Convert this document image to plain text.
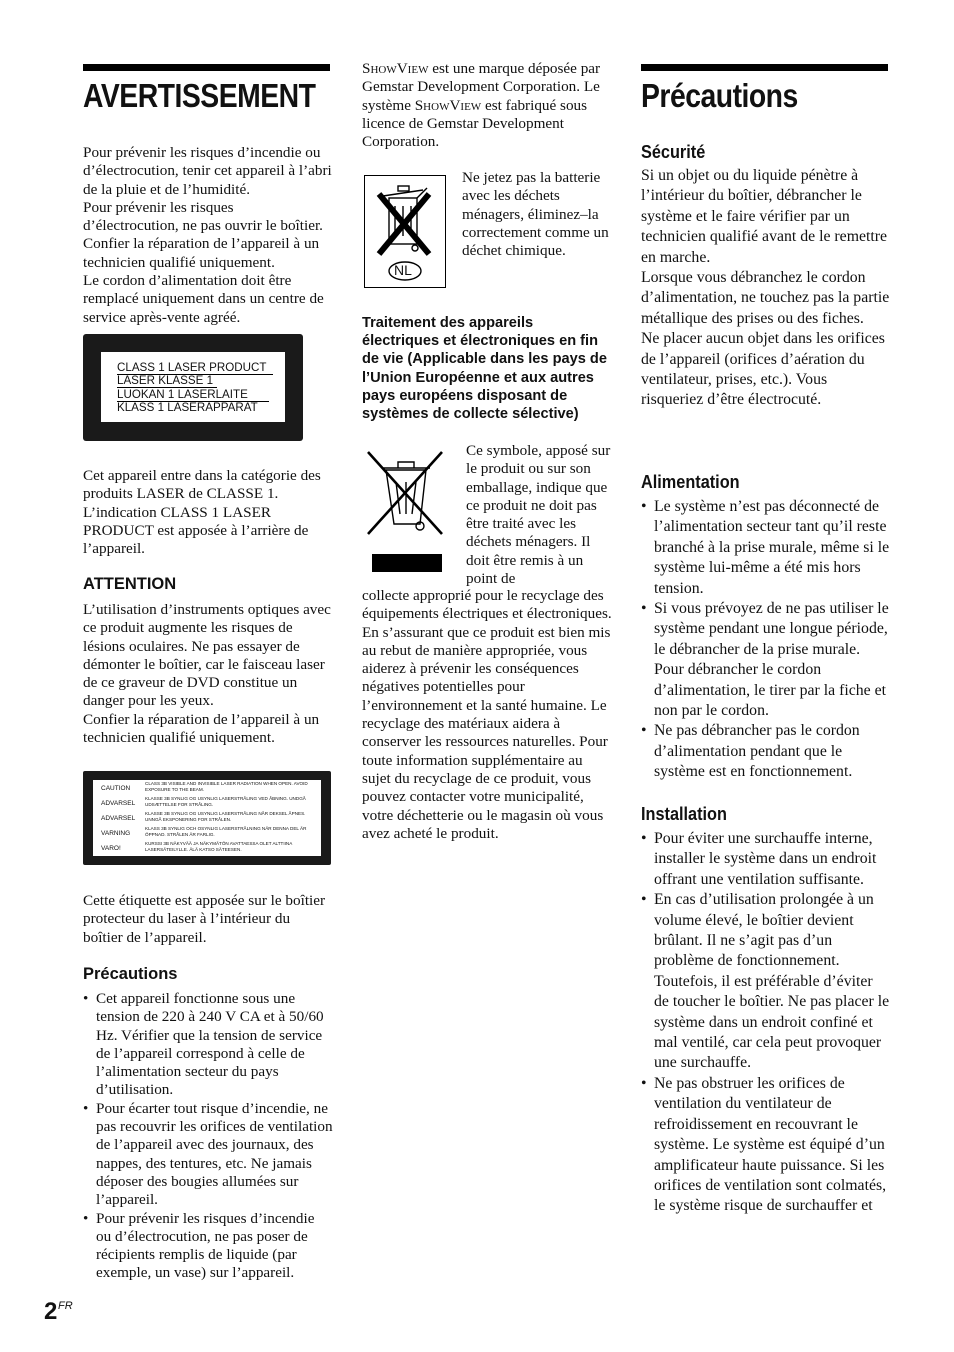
AVERTISSEMENT

Pour prévenir les risques d’incendie ou d’électrocution, tenir cet appareil à l’abri de la pluie et de l’humidité.

Pour prévenir les risques d’électrocution, ne pas ouvrir le boîtier. Confier la réparation de l’appareil à un technicien qualifié uniquement.

Le cordon d’alimentation doit être remplacé uniquement dans un centre de service après-vente agréé.

CLASS 1 LASER PRODUCT
LASER KLASSE 1
LUOKAN 1 LASERLAITE
KLASS 1 LASERAPPARAT

Cet appareil entre dans la catégorie des produits LASER de CLASSE 1.

L’indication CLASS 1 LASER PRODUCT est apposée à l’arrière de l’appareil.

ATTENTION

L’utilisation d’instruments optiques avec ce produit augmente les risques de lésions oculaires. Ne pas essayer de démonter le boîtier, car le faisceau laser de ce graveur de DVD constitue un danger pour les yeux.

Confier la réparation de l’appareil à un technicien qualifié uniquement.

CAUTION
CLASS 3B VISIBLE AND INVISIBLE LASER RADIATION WHEN OPEN. AVOID EXPOSURE TO THE BEAM.
ADVARSEL
KLASSE 3B SYNLIG OG USYNLIG LASERSTRÅLING VED ÅBNING. UNDGÅ UDSÆTTELSE FOR STRÅLING.
ADVARSEL
KLASSE 3B SYNLIG OG USYNLIG LASERSTRÅLING NÅR DEKSEL ÅPNES. UNNGÅ EKSPONERING FOR STRÅLEN.
VARNING
KLASS 3B SYNLIG OCH OSYNLIG LASERSTRÅLNING NÄR DENNA DEL ÄR ÖPPNAD. STRÅLEN ÄR FARLIG.
VARO!
KURSSI 3B NÄKYVÄÄ JA NÄKYMÄTÖN AVATTAESSA OLET ALTTIINA LASERSÄTEILYLLE. ÄLÄ KATSO SÄTEESEN.

Cette étiquette est apposée sur le boîtier protecteur du laser à l’intérieur du boîtier de l’appareil.

Précautions
• Cet appareil fonctionne sous une tension de 220 à 240 V CA et à 50/60 Hz. Vérifier que la tension de service de l’appareil correspond à celle de l’alimentation secteur du pays d’utilisation.
• Pour écarter tout risque d’incendie, ne pas recouvrir les orifices de ventilation de l’appareil avec des journaux, des nappes, des tentures, etc. Ne jamais déposer des bougies allumées sur l’appareil.
• Pour prévenir les risques d’incendie ou d’électrocution, ne pas poser de récipients remplis de liquide (par exemple, un vase) sur l’appareil.

ShowView est une marque déposée par Gemstar Development Corporation. Le système ShowView est fabriqué sous licence de Gemstar Development Corporation.

NL

Ne jetez pas la batterie avec les déchets ménagers, éliminez–la correctement comme un déchet chimique.

Traitement des appareils électriques et électroniques en fin de vie (Applicable dans les pays de l’Union Européenne et aux autres pays européens disposant de systèmes de collecte sélective)

Ce symbole, apposé sur le produit ou sur son emballage, indique que ce produit ne doit pas être traité avec les déchets ménagers. Il doit être remis à un point de

collecte approprié pour le recyclage des équipements électriques et électroniques. En s’assurant que ce produit est bien mis au rebut de manière appropriée, vous aiderez à prévenir les conséquences négatives potentielles pour l’environnement et la santé humaine. Le recyclage des matériaux aidera à conserver les ressources naturelles. Pour toute information supplémentaire au sujet du recyclage de ce produit, vous pouvez contacter votre municipalité, votre déchetterie ou le magasin où vous avez acheté le produit.

Précautions
Sécurité

Si un objet ou du liquide pénètre à l’intérieur du boîtier, débrancher le système et le faire vérifier par un technicien qualifié avant de le remettre en marche.

Lorsque vous débranchez le cordon d’alimentation, ne touchez pas la partie métallique des prises ou des fiches.

Ne placer aucun objet dans les orifices de l’appareil (orifices d’aération du ventilateur, prises, etc.). Vous risqueriez d’être électrocuté.

Alimentation
• Le système n’est pas déconnecté de l’alimentation secteur tant qu’il reste branché à la prise murale, même si le système lui-même a été mis hors tension.
• Si vous prévoyez de ne pas utiliser le système pendant une longue période, le débrancher de la prise murale. Pour débrancher le cordon d’alimentation, le tirer par la fiche et non par le cordon.
• Ne pas débrancher pas le cordon d’alimentation pendant que le système est en fonctionnement.
Installation
• Pour éviter une surchauffe interne, installer le système dans un endroit offrant une ventilation suffisante.
• En cas d’utilisation prolongée à un volume élevé, le boîtier devient brûlant. Il ne s’agit pas d’un problème de fonctionnement. Toutefois, il est préférable d’éviter de toucher le boîtier. Ne pas placer le système dans un endroit confiné et mal ventilé, car cela peut provoquer une surchauffe.
• Ne pas obstruer les orifices de ventilation du ventilateur de refroidissement en recouvrant le système. Le système est équipé d’un amplificateur haute puissance. Si les orifices de ventilation sont colmatés, le système risque de surchauffer et
2 FR
